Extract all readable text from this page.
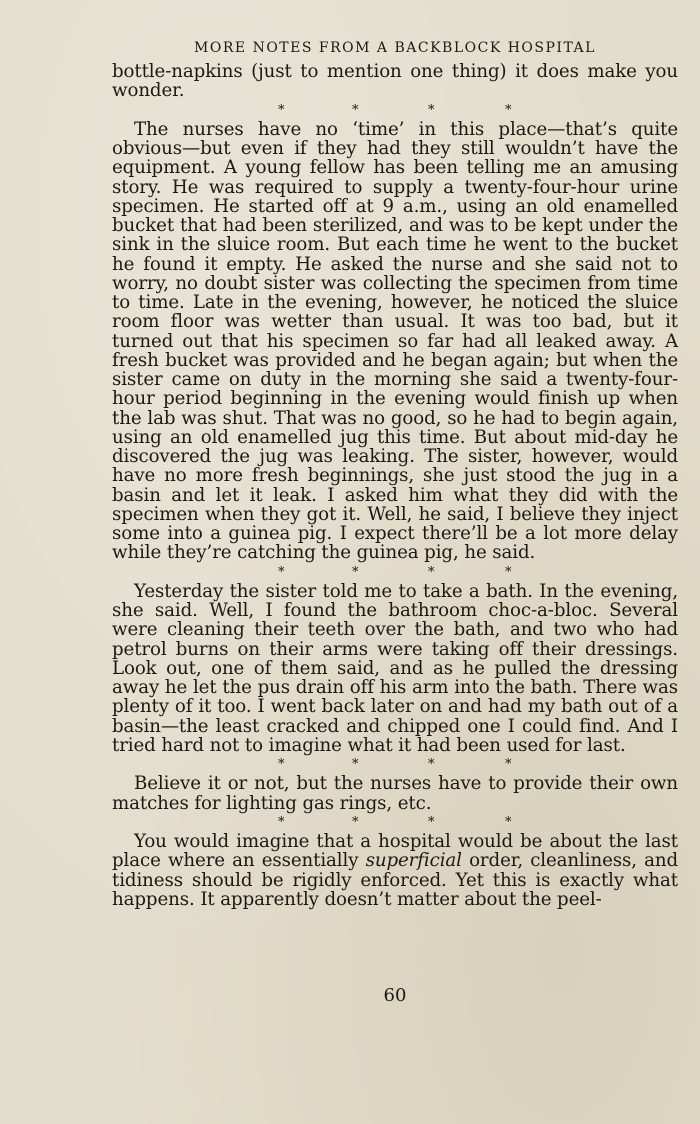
MORE NOTES FROM A BACKBLOCK HOSPITAL

bottle-napkins (just to mention one thing) it does make you wonder.

*	*	*	*

The nurses have no ‘time’ in this place—that’s quite obvious—but even if they had they still wouldn’t have the equipment. A young fellow has been telling me an amusing story. He was required to supply a twenty-four-hour urine specimen. He started off at 9 a.m., using an old enamelled bucket that had been sterilized, and was to be kept under the sink in the sluice room. But each time he went to the bucket he found it empty. He asked the nurse and she said not to worry, no doubt sister was collecting the specimen from time to time. Late in the evening, however, he noticed the sluice room floor was wetter than usual. It was too bad, but it turned out that his specimen so far had all leaked away. A fresh bucket was provided and he began again; but when the sister came on duty in the morning she said a twenty-four-hour period beginning in the evening would finish up when the lab was shut. That was no good, so he had to begin again, using an old enamelled jug this time. But about mid-day he discovered the jug was leaking. The sister, however, would have no more fresh beginnings, she just stood the jug in a basin and let it leak. I asked him what they did with the specimen when they got it. Well, he said, I believe they inject some into a guinea pig. I expect there’ll be a lot more delay while they’re catching the guinea pig, he said.

*	*	*	*

Yesterday the sister told me to take a bath. In the evening, she said. Well, I found the bathroom choc-a-bloc. Several were cleaning their teeth over the bath, and two who had petrol burns on their arms were taking off their dressings. Look out, one of them said, and as he pulled the dressing away he let the pus drain off his arm into the bath. There was plenty of it too. I went back later on and had my bath out of a basin—the least cracked and chipped one I could find. And I tried hard not to imagine what it had been used for last.

*	*	*	*

Believe it or not, but the nurses have to provide their own matches for lighting gas rings, etc.

*	*	*	*

You would imagine that a hospital would be about the last place where an essentially superficial order, cleanliness, and tidiness should be rigidly enforced. Yet this is exactly what happens. It apparently doesn’t matter about the peel-

60
